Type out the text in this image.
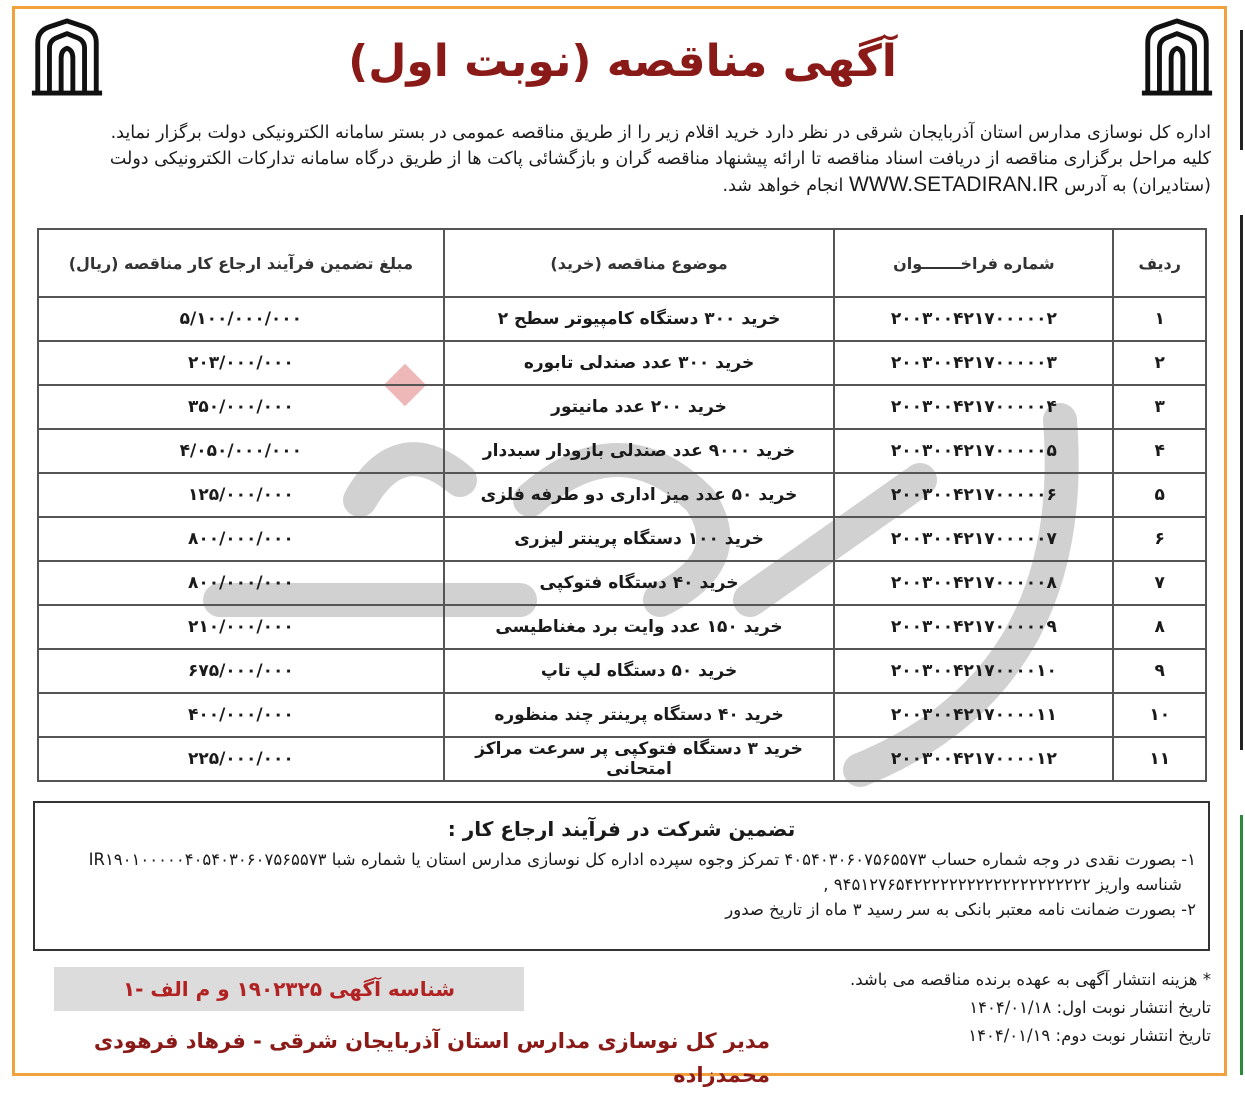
آگهی مناقصه (نوبت اول)

اداره کل نوسازی مدارس استان آذربایجان شرقی در نظر دارد خرید اقلام زیر را از طریق مناقصه عمومی در بستر سامانه الکترونیکی دولت برگزار نماید.

کلیه مراحل برگزاری مناقصه از دریافت اسناد مناقصه تا ارائه پیشنهاد مناقصه گران و بازگشائی پاکت ها از طریق درگاه سامانه تدارکات الکترونیکی دولت

(ستادیران) به آدرس WWW.SETADIRAN.IR انجام خواهد شد.

ردیف	شماره فراخـــــــوان	موضوع مناقصه (خرید)	مبلغ تضمین فرآیند ارجاع کار مناقصه (ریال)
۱	۲۰۰۳۰۰۴۲۱۷۰۰۰۰۰۲	خرید ۳۰۰ دستگاه کامپیوتر سطح ۲	۵/۱۰۰/۰۰۰/۰۰۰
۲	۲۰۰۳۰۰۴۲۱۷۰۰۰۰۰۳	خرید ۳۰۰ عدد صندلی تابوره	۲۰۳/۰۰۰/۰۰۰
۳	۲۰۰۳۰۰۴۲۱۷۰۰۰۰۰۴	خرید ۲۰۰ عدد مانیتور	۳۵۰/۰۰۰/۰۰۰
۴	۲۰۰۳۰۰۴۲۱۷۰۰۰۰۰۵	خرید ۹۰۰۰ عدد صندلی بازودار سبددار	۴/۰۵۰/۰۰۰/۰۰۰
۵	۲۰۰۳۰۰۴۲۱۷۰۰۰۰۰۶	خرید ۵۰ عدد میز اداری دو طرفه فلزی	۱۲۵/۰۰۰/۰۰۰
۶	۲۰۰۳۰۰۴۲۱۷۰۰۰۰۰۷	خرید ۱۰۰ دستگاه پرینتر لیزری	۸۰۰/۰۰۰/۰۰۰
۷	۲۰۰۳۰۰۴۲۱۷۰۰۰۰۰۸	خرید ۴۰ دستگاه فتوکپی	۸۰۰/۰۰۰/۰۰۰
۸	۲۰۰۳۰۰۴۲۱۷۰۰۰۰۰۹	خرید ۱۵۰ عدد وایت برد مغناطیسی	۲۱۰/۰۰۰/۰۰۰
۹	۲۰۰۳۰۰۴۲۱۷۰۰۰۰۱۰	خرید ۵۰ دستگاه لپ تاپ	۶۷۵/۰۰۰/۰۰۰
۱۰	۲۰۰۳۰۰۴۲۱۷۰۰۰۰۱۱	خرید ۴۰ دستگاه پرینتر چند منظوره	۴۰۰/۰۰۰/۰۰۰
۱۱	۲۰۰۳۰۰۴۲۱۷۰۰۰۰۱۲	خرید ۳ دستگاه فتوکپی پر سرعت مراکز امتحانی	۲۲۵/۰۰۰/۰۰۰
تضمین شرکت در فرآیند ارجاع کار :

۱- بصورت نقدی در وجه شماره حساب ۴۰۵۴۰۳۰۶۰۷۵۶۵۵۷۳ تمرکز وجوه سپرده اداره کل نوسازی مدارس استان یا شماره شبا IR۱۹۰۱۰۰۰۰۰۴۰۵۴۰۳۰۶۰۷۵۶۵۵۷۳

شناسه واریز ۹۴۵۱۲۷۶۵۴۲۲۲۲۲۲۲۲۲۲۲۲۲۲۲۲۲۲۲۲ ,

۲- بصورت ضمانت نامه معتبر بانکی به سر رسید ۳ ماه از تاریخ صدور

شناسه آگهی ۱۹۰۲۳۲۵ و م الف -۱	* هزینه انتشار آگهی به عهده برنده مناقصه می باشد.

تاریخ انتشار نوبت اول: ۱۴۰۴/۰۱/۱۸

تاریخ انتشار نوبت دوم: ۱۴۰۴/۰۱/۱۹

مدیر کل نوسازی مدارس استان آذربایجان شرقی - فرهاد فرهودی محمدزاده
